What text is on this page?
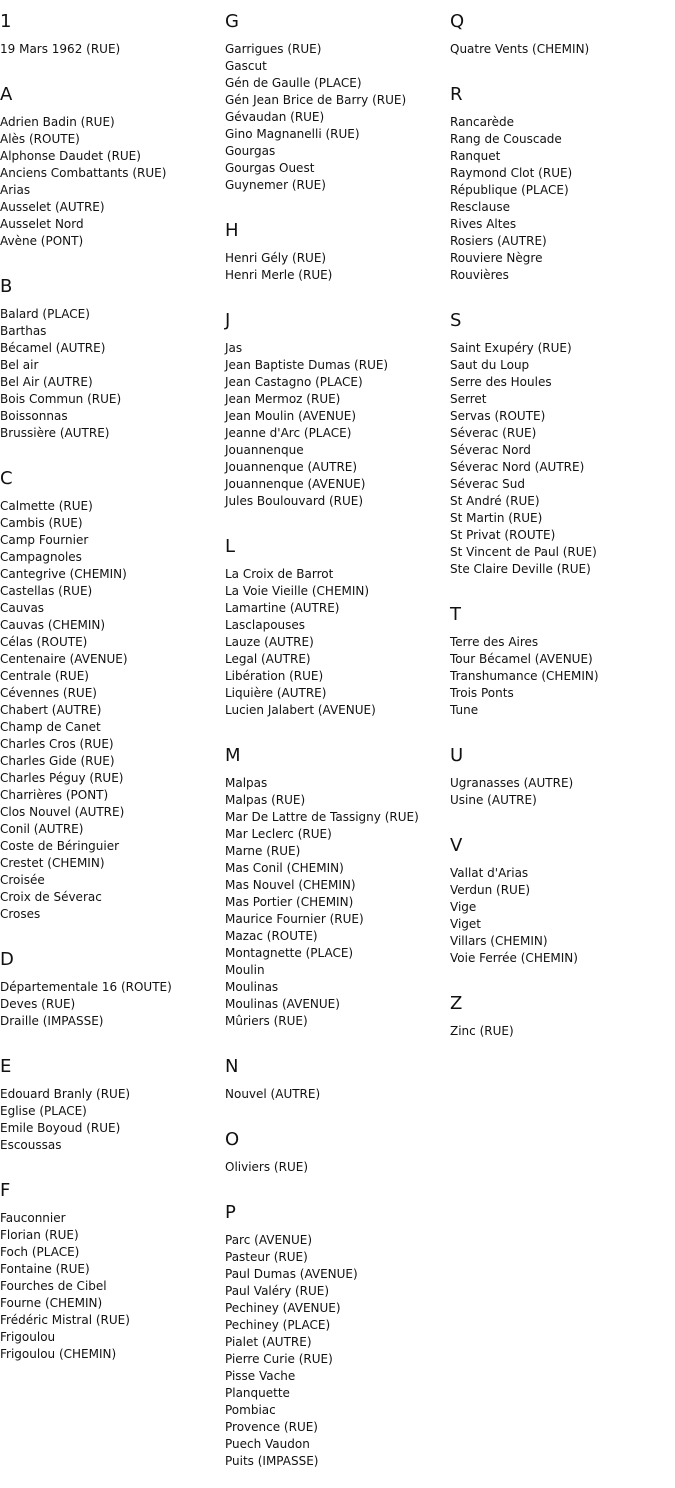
1
19 Mars 1962 (RUE)
A
Adrien Badin (RUE)
Alès (ROUTE)
Alphonse Daudet (RUE)
Anciens Combattants (RUE)
Arias
Ausselet (AUTRE)
Ausselet Nord
Avène (PONT)
B
Balard (PLACE)
Barthas
Bécamel (AUTRE)
Bel air
Bel Air (AUTRE)
Bois Commun (RUE)
Boissonnas
Brussière (AUTRE)
C
Calmette (RUE)
Cambis (RUE)
Camp Fournier
Campagnoles
Cantegrive (CHEMIN)
Castellas (RUE)
Cauvas
Cauvas (CHEMIN)
Célas (ROUTE)
Centenaire (AVENUE)
Centrale (RUE)
Cévennes (RUE)
Chabert (AUTRE)
Champ de Canet
Charles Cros (RUE)
Charles Gide (RUE)
Charles Péguy (RUE)
Charrières (PONT)
Clos Nouvel (AUTRE)
Conil (AUTRE)
Coste de Béringuier
Crestet (CHEMIN)
Croisée
Croix de Séverac
Croses
D
Départementale 16 (ROUTE)
Deves (RUE)
Draille (IMPASSE)
E
Edouard Branly (RUE)
Eglise (PLACE)
Emile Boyoud (RUE)
Escoussas
F
Fauconnier
Florian (RUE)
Foch (PLACE)
Fontaine (RUE)
Fourches de Cibel
Fourne (CHEMIN)
Frédéric Mistral (RUE)
Frigoulou
Frigoulou (CHEMIN)
G
Garrigues (RUE)
Gascut
Gén de Gaulle (PLACE)
Gén Jean Brice de Barry (RUE)
Gévaudan (RUE)
Gino Magnanelli (RUE)
Gourgas
Gourgas Ouest
Guynemer (RUE)
H
Henri Gély (RUE)
Henri Merle (RUE)
J
Jas
Jean Baptiste Dumas (RUE)
Jean Castagno (PLACE)
Jean Mermoz (RUE)
Jean Moulin (AVENUE)
Jeanne d'Arc (PLACE)
Jouannenque
Jouannenque (AUTRE)
Jouannenque (AVENUE)
Jules Boulouvard (RUE)
L
La Croix de Barrot
La Voie Vieille (CHEMIN)
Lamartine (AUTRE)
Lasclapouses
Lauze (AUTRE)
Legal (AUTRE)
Libération (RUE)
Liquière (AUTRE)
Lucien Jalabert (AVENUE)
M
Malpas
Malpas (RUE)
Mar De Lattre de Tassigny (RUE)
Mar Leclerc (RUE)
Marne (RUE)
Mas Conil (CHEMIN)
Mas Nouvel (CHEMIN)
Mas Portier (CHEMIN)
Maurice Fournier (RUE)
Mazac (ROUTE)
Montagnette (PLACE)
Moulin
Moulinas
Moulinas (AVENUE)
Mûriers (RUE)
N
Nouvel (AUTRE)
O
Oliviers (RUE)
P
Parc (AVENUE)
Pasteur (RUE)
Paul Dumas (AVENUE)
Paul Valéry (RUE)
Pechiney (AVENUE)
Pechiney (PLACE)
Pialet (AUTRE)
Pierre Curie (RUE)
Pisse Vache
Planquette
Pombiac
Provence (RUE)
Puech Vaudon
Puits (IMPASSE)
Q
Quatre Vents (CHEMIN)
R
Rancarède
Rang de Couscade
Ranquet
Raymond Clot (RUE)
République (PLACE)
Resclause
Rives Altes
Rosiers (AUTRE)
Rouviere Nègre
Rouvières
S
Saint Exupéry (RUE)
Saut du Loup
Serre des Houles
Serret
Servas (ROUTE)
Séverac (RUE)
Séverac Nord
Séverac Nord (AUTRE)
Séverac Sud
St André (RUE)
St Martin (RUE)
St Privat (ROUTE)
St Vincent de Paul (RUE)
Ste Claire Deville (RUE)
T
Terre des Aires
Tour Bécamel (AVENUE)
Transhumance (CHEMIN)
Trois Ponts
Tune
U
Ugranasses (AUTRE)
Usine (AUTRE)
V
Vallat d'Arias
Verdun (RUE)
Vige
Viget
Villars (CHEMIN)
Voie Ferrée (CHEMIN)
Z
Zinc (RUE)
